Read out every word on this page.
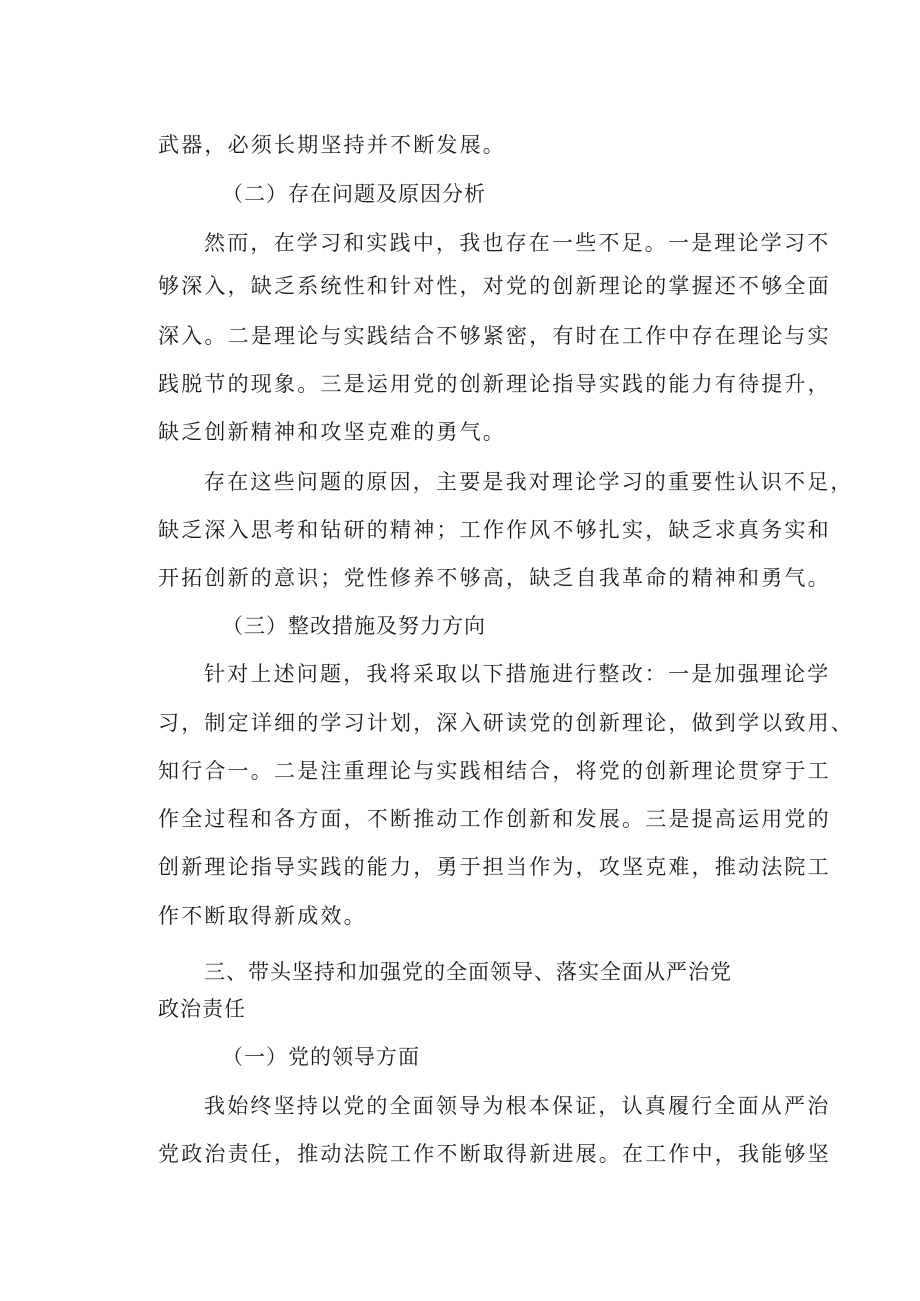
武器，必须长期坚持并不断发展。
（二）存在问题及原因分析
然而，在学习和实践中，我也存在一些不足。一是理论学习不
够深入，缺乏系统性和针对性，对党的创新理论的掌握还不够全面
深入。二是理论与实践结合不够紧密，有时在工作中存在理论与实
践脱节的现象。三是运用党的创新理论指导实践的能力有待提升，
缺乏创新精神和攻坚克难的勇气。
存在这些问题的原因，主要是我对理论学习的重要性认识不足，
缺乏深入思考和钻研的精神；工作作风不够扎实，缺乏求真务实和
开拓创新的意识；党性修养不够高，缺乏自我革命的精神和勇气。
（三）整改措施及努力方向
针对上述问题，我将采取以下措施进行整改：一是加强理论学
习，制定详细的学习计划，深入研读党的创新理论，做到学以致用、
知行合一。二是注重理论与实践相结合，将党的创新理论贯穿于工
作全过程和各方面，不断推动工作创新和发展。三是提高运用党的
创新理论指导实践的能力，勇于担当作为，攻坚克难，推动法院工
作不断取得新成效。
三、带头坚持和加强党的全面领导、落实全面从严治党
政治责任
（一）党的领导方面
我始终坚持以党的全面领导为根本保证，认真履行全面从严治
党政治责任，推动法院工作不断取得新进展。在工作中，我能够坚
